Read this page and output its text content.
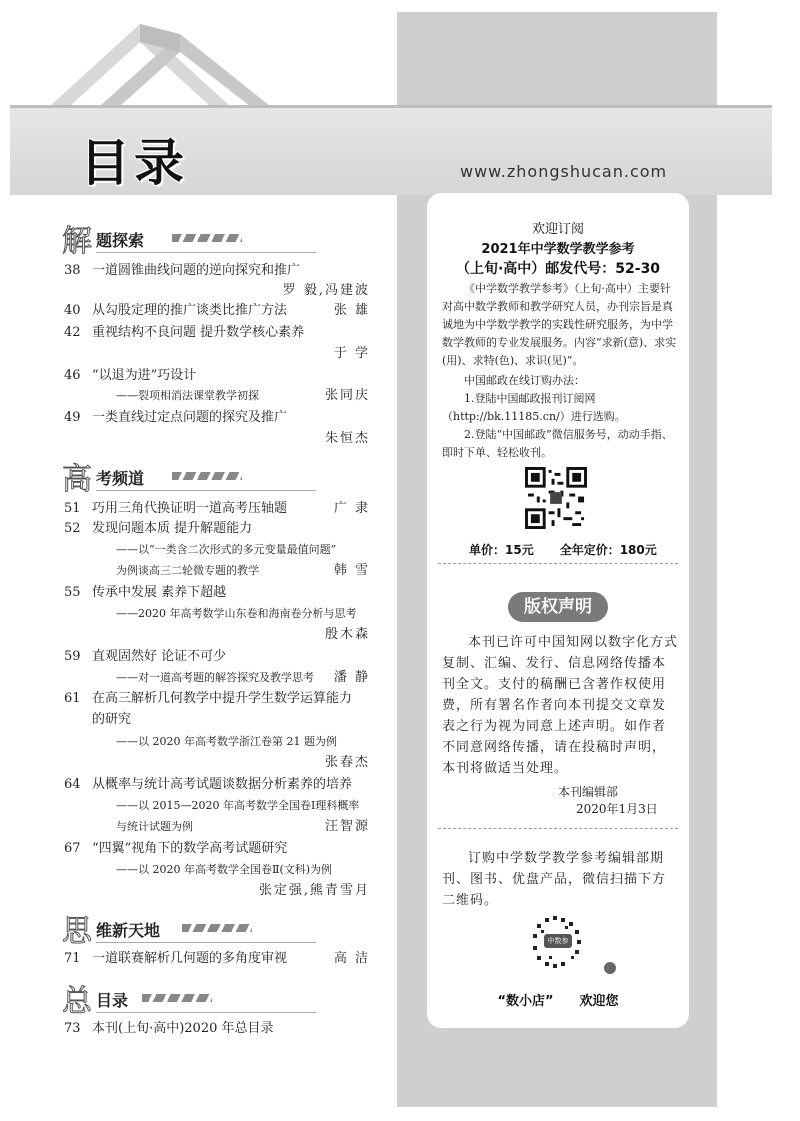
目录	www.zhongshucan.com
解 题探索
38 一道圆锥曲线问题的逆向探究和推广
罗 毅,冯建波
40 从勾股定理的推广谈类比推广方法	张 雄
42 重视结构不良问题 提升数学核心素养
于 学
46 “以退为进”巧设计
——裂项相消法课堂教学初探	张同庆
49 一类直线过定点问题的探究及推广
朱恒杰
高 考频道
51 巧用三角代换证明一道高考压轴题	广 隶
52 发现问题本质 提升解题能力
——以“一类含二次形式的多元变量最值问题”
为例谈高三二轮微专题的教学	韩 雪
55 传承中发展 素养下超越
——2020 年高考数学山东卷和海南卷分析与思考
殷木森
59 直观固然好 论证不可少
——对一道高考题的解答探究及教学思考 潘 静
61 在高三解析几何教学中提升学生数学运算能力
的研究
——以 2020 年高考数学浙江卷第 21 题为例
张春杰
64 从概率与统计高考试题谈数据分析素养的培养
——以 2015—2020 年高考数学全国卷Ⅰ理科概率
与统计试题为例	汪智源
67 “四翼”视角下的数学高考试题研究
——以 2020 年高考数学全国卷Ⅱ(文科)为例
张定强,熊青雪月
思 维新天地
71 一道联赛解析几何题的多角度审视	高 洁
总 目录
73 本刊(上旬·高中)2020 年总目录
欢迎订阅
2021年中学数学教学参考
（上旬·高中）邮发代号：52-30
《中学数学教学参考》（上旬·高中）主要针对高中数学教师和教学研究人员，办刊宗旨是真诚地为中学数学教学的实践性研究服务，为中学数学教师的专业发展服务。内容“求新(意)、求实(用)、求特(色)、求识(见)”。
中国邮政在线订购办法：
1.登陆中国邮政报刊订阅网（http://bk.11185.cn/）进行选购。
2.登陆“中国邮政”微信服务号，动动手指、即时下单、轻松收刊。
单价：15元 全年定价：180元
版权声明
本刊已许可中国知网以数字化方式复制、汇编、发行、信息网络传播本刊全文。支付的稿酬已含著作权使用费，所有署名作者向本刊提交文章发表之行为视为同意上述声明。如作者不同意网络传播，请在投稿时声明，本刊将做适当处理。
本刊编辑部
2020年1月3日
订购中学数学教学参考编辑部期刊、图书、优盘产品，微信扫描下方二维码。
中数参
“数小店” 欢迎您
